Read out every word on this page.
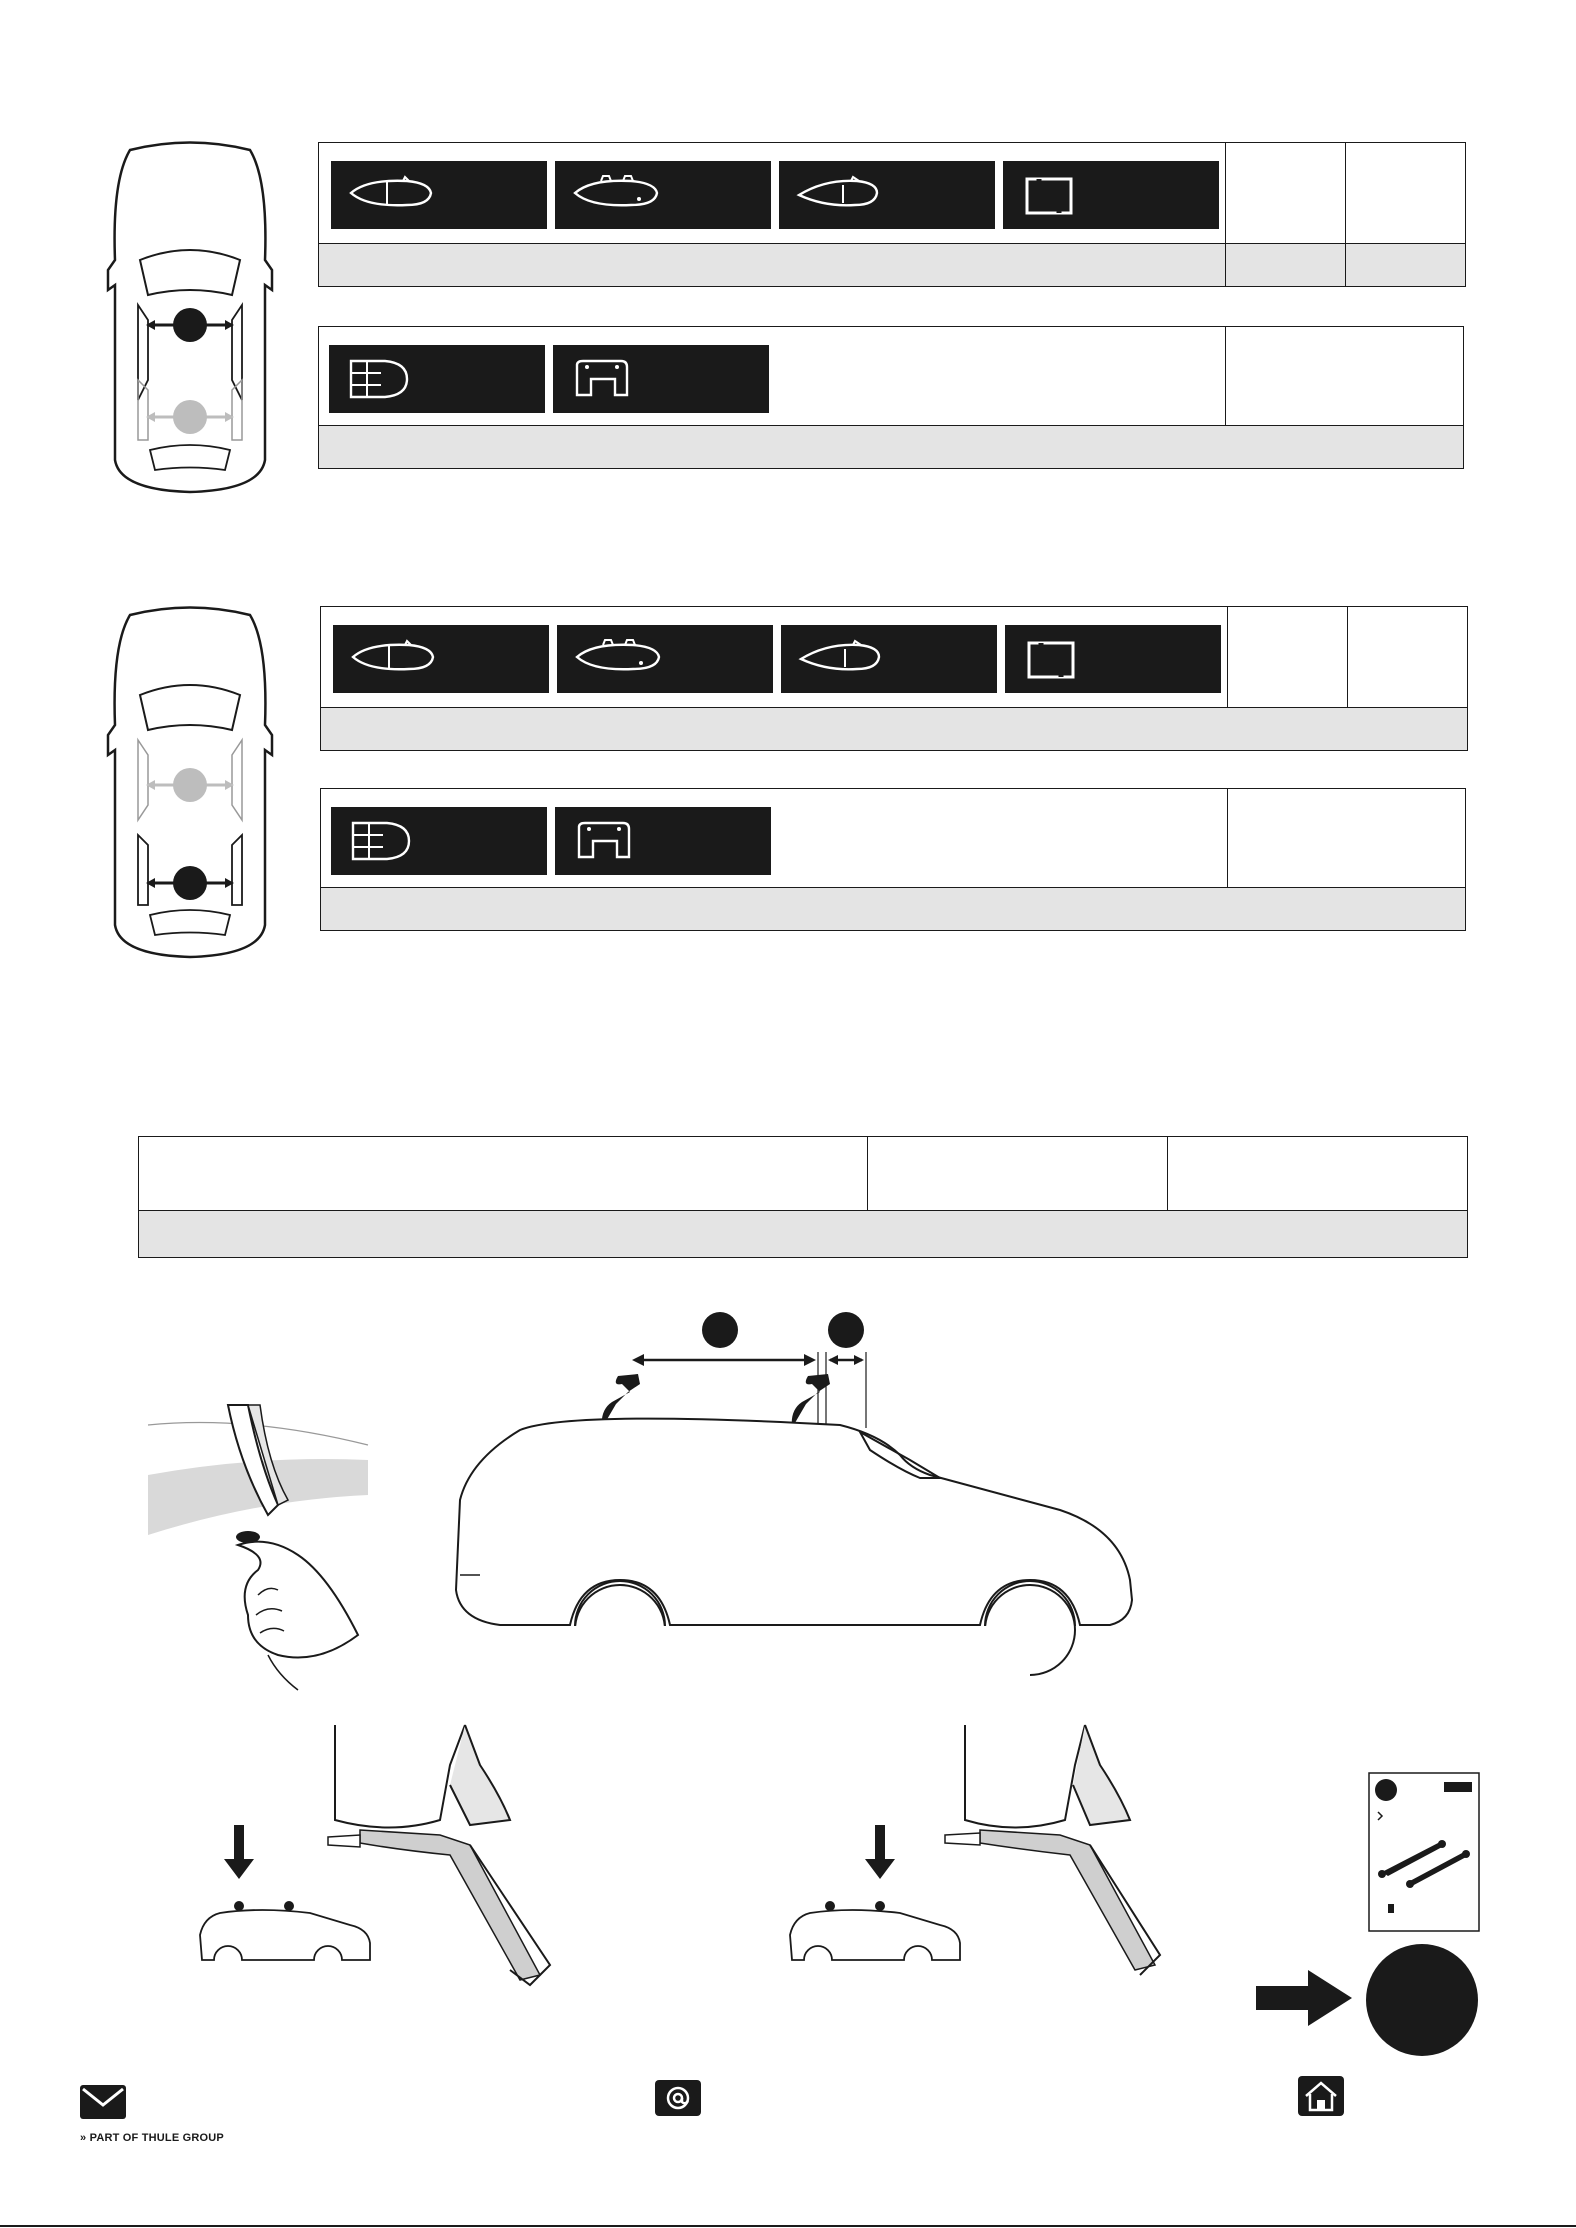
» PART OF THULE GROUP
